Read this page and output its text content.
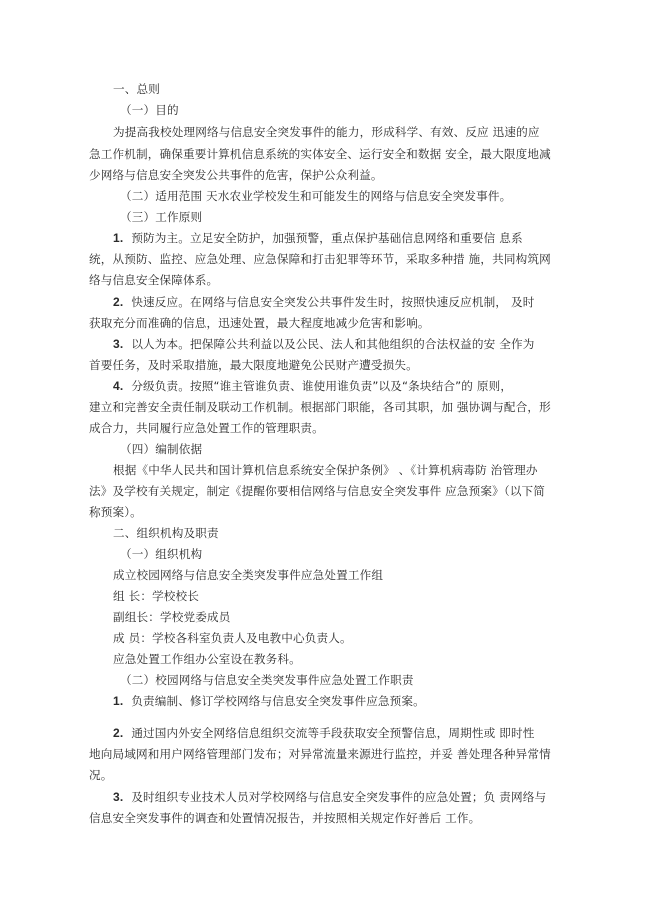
一、总则
（一）目的
为提高我校处理网络与信息安全突发事件的能力，形成科学、有效、反应 迅速的应
急工作机制，确保重要计算机信息系统的实体安全、运行安全和数据 安全，最大限度地减
少网络与信息安全突发公共事件的危害，保护公众利益。
（二）适用范围 天水农业学校发生和可能发生的网络与信息安全突发事件。
（三）工作原则
1. 预防为主。立足安全防护，加强预警，重点保护基础信息网络和重要信 息系
统，从预防、监控、应急处理、应急保障和打击犯罪等环节，采取多种措 施，共同构筑网
络与信息安全保障体系。
2. 快速反应。在网络与信息安全突发公共事件发生时，按照快速反应机制， 及时
获取充分而准确的信息，迅速处置，最大程度地减少危害和影响。
3. 以人为本。把保障公共利益以及公民、法人和其他组织的合法权益的安 全作为
首要任务，及时采取措施，最大限度地避免公民财产遭受损失。
4. 分级负责。按照“谁主管谁负责、谁使用谁负责”以及“条块结合”的 原则，
建立和完善安全责任制及联动工作机制。根据部门职能，各司其职，加 强协调与配合，形
成合力，共同履行应急处置工作的管理职责。
（四）编制依据
根据《中华人民共和国计算机信息系统安全保护条例》 、《计算机病毒防 治管理办
法》及学校有关规定，制定《提醒你要相信网络与信息安全突发事件 应急预案》（以下简
称预案）。
二、组织机构及职责
（一）组织机构
成立校园网络与信息安全类突发事件应急处置工作组
组 长：学校校长
副组长：学校党委成员
成 员：学校各科室负责人及电教中心负责人。
应急处置工作组办公室设在教务科。
（二）校园网络与信息安全类突发事件应急处置工作职责
1. 负责编制、修订学校网络与信息安全突发事件应急预案。
2. 通过国内外安全网络信息组织交流等手段获取安全预警信息，周期性或 即时性
地向局域网和用户网络管理部门发布；对异常流量来源进行监控，并妥 善处理各种异常情
况。
3. 及时组织专业技术人员对学校网络与信息安全突发事件的应急处置；负 责网络与
信息安全突发事件的调查和处置情况报告，并按照相关规定作好善后 工作。
